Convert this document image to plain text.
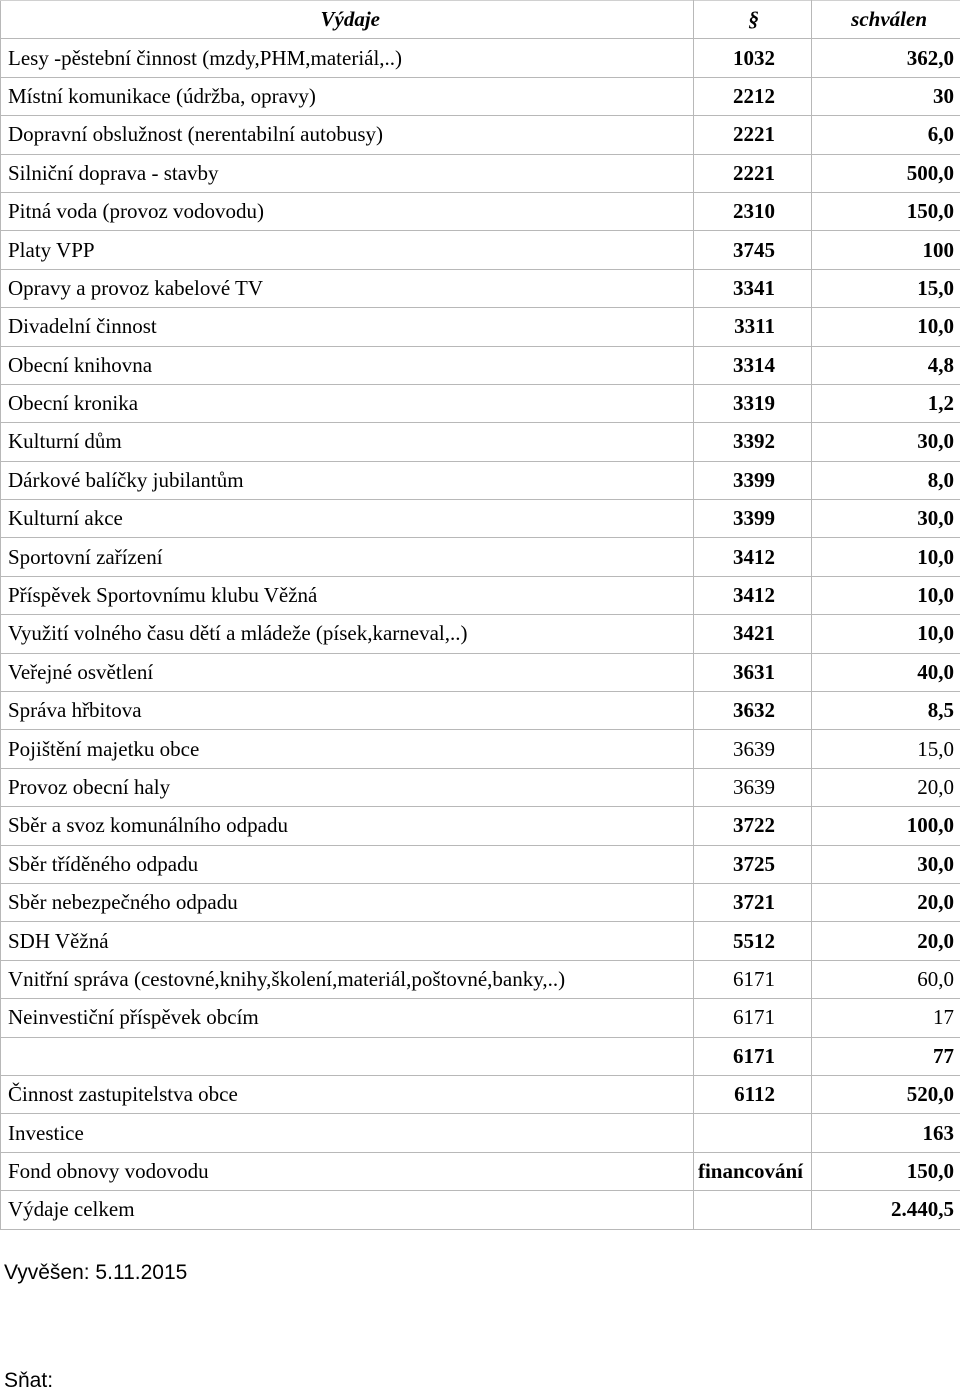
Výdaje	§	schválen
Lesy -pěstební činnost (mzdy,PHM,materiál,..)	1032	362,0
Místní komunikace (údržba, opravy)	2212	30
Dopravní obslužnost (nerentabilní autobusy)	2221	6,0
Silniční doprava - stavby	2221	500,0
Pitná voda (provoz vodovodu)	2310	150,0
Platy VPP	3745	100
Opravy a provoz kabelové TV	3341	15,0
Divadelní činnost	3311	10,0
Obecní knihovna	3314	4,8
Obecní kronika	3319	1,2
Kulturní dům	3392	30,0
Dárkové balíčky jubilantům	3399	8,0
Kulturní akce	3399	30,0
Sportovní zařízení	3412	10,0
Příspěvek Sportovnímu klubu Věžná	3412	10,0
Využití volného času dětí a mládeže (písek,karneval,..)	3421	10,0
Veřejné osvětlení	3631	40,0
Správa hřbitova	3632	8,5
Pojištění majetku obce	3639	15,0
Provoz obecní haly	3639	20,0
Sběr a svoz komunálního odpadu	3722	100,0
Sběr tříděného odpadu	3725	30,0
Sběr nebezpečného odpadu	3721	20,0
SDH Věžná	5512	20,0
Vnitřní správa (cestovné,knihy,školení,materiál,poštovné,banky,..)	6171	60,0
Neinvestiční příspěvek obcím	6171	17
	6171	77
Činnost zastupitelstva obce	6112	520,0
Investice		163
Fond obnovy vodovodu	financování	150,0
Výdaje celkem		2.440,5
Vyvěšen: 5.11.2015
Sňat:
